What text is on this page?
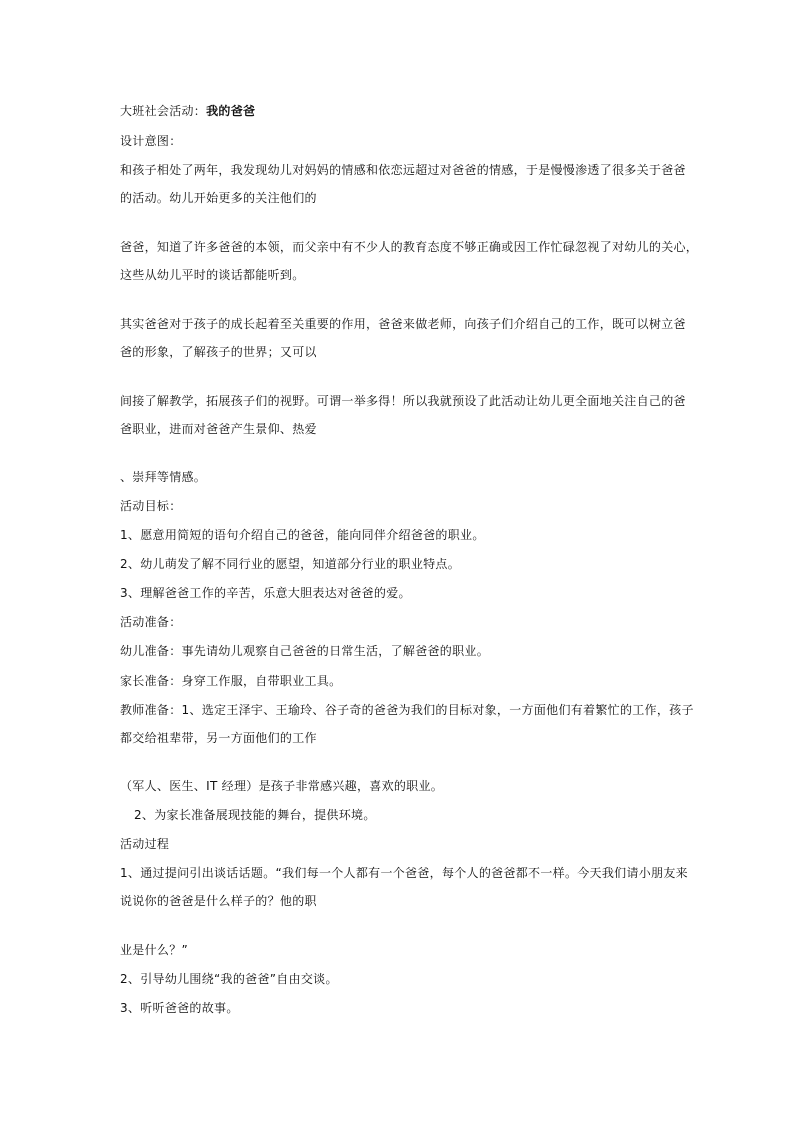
大班社会活动：我的爸爸
设计意图：
和孩子相处了两年，我发现幼儿对妈妈的情感和依恋远超过对爸爸的情感，于是慢慢渗透了很多关于爸爸
的活动。幼儿开始更多的关注他们的
爸爸，知道了许多爸爸的本领，而父亲中有不少人的教育态度不够正确或因工作忙碌忽视了对幼儿的关心，
这些从幼儿平时的谈话都能听到。
其实爸爸对于孩子的成长起着至关重要的作用，爸爸来做老师，向孩子们介绍自己的工作，既可以树立爸
爸的形象，了解孩子的世界；又可以
间接了解教学，拓展孩子们的视野。可谓一举多得！所以我就预设了此活动让幼儿更全面地关注自己的爸
爸职业，进而对爸爸产生景仰、热爱
、崇拜等情感。
活动目标：
1、愿意用简短的语句介绍自己的爸爸，能向同伴介绍爸爸的职业。
2、幼儿萌发了解不同行业的愿望，知道部分行业的职业特点。
3、理解爸爸工作的辛苦，乐意大胆表达对爸爸的爱。
活动准备：
幼儿准备：事先请幼儿观察自己爸爸的日常生活，了解爸爸的职业。
家长准备：身穿工作服，自带职业工具。
教师准备：1、选定王泽宇、王瑜玲、谷子奇的爸爸为我们的目标对象，一方面他们有着繁忙的工作，孩子
都交给祖辈带，另一方面他们的工作
（军人、医生、IT 经理）是孩子非常感兴趣，喜欢的职业。
2、为家长准备展现技能的舞台，提供环境。
活动过程
1、通过提问引出谈话话题。“我们每一个人都有一个爸爸，每个人的爸爸都不一样。今天我们请小朋友来
说说你的爸爸是什么样子的？他的职
业是什么？”
2、引导幼儿围绕“我的爸爸”自由交谈。
3、听听爸爸的故事。
